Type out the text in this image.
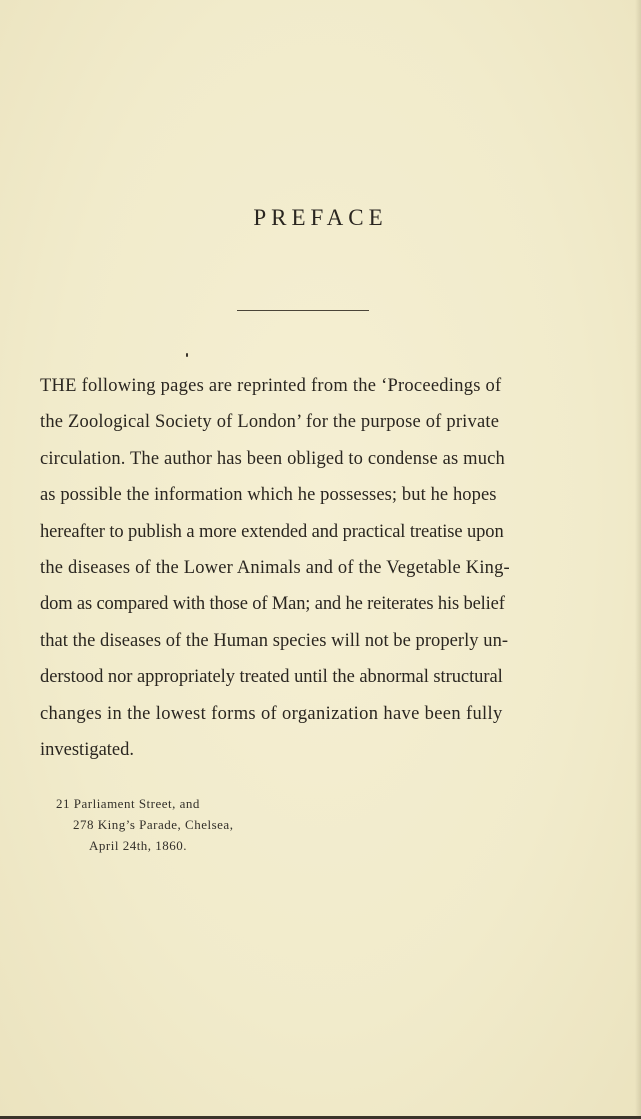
PREFACE
THE following pages are reprinted from the ‘Proceedings of
the Zoological Society of London’ for the purpose of private
circulation. The author has been obliged to condense as much
as possible the information which he possesses; but he hopes
hereafter to publish a more extended and practical treatise upon
the diseases of the Lower Animals and of the Vegetable King-
dom as compared with those of Man; and he reiterates his belief
that the diseases of the Human species will not be properly un-
derstood nor appropriately treated until the abnormal structural
changes in the lowest forms of organization have been fully
investigated.
21 Parliament Street, and
278 King’s Parade, Chelsea,
April 24th, 1860.
